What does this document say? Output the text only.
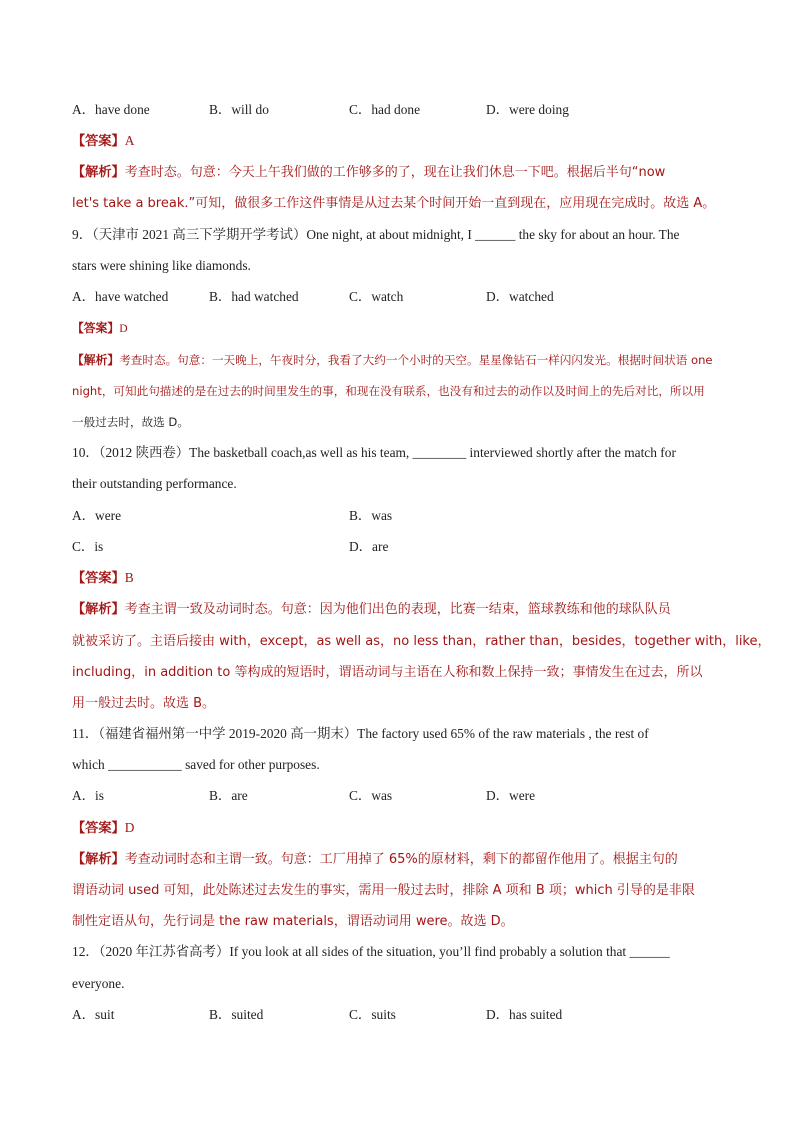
A．have done	B．will do	C．had done	D．were doing
【答案】A
【解析】考查时态。句意：今天上午我们做的工作够多的了，现在让我们休息一下吧。根据后半句“now
let's take a break.”可知，做很多工作这件事情是从过去某个时间开始一直到现在，应用现在完成时。故选 A。
9．（天津市 2021 高三下学期开学考试）One night, at about midnight, I ______ the sky for about an hour. The
stars were shining like diamonds.
A．have watched	B．had watched	C．watch	D．watched
【答案】D
【解析】考查时态。句意：一天晚上，午夜时分，我看了大约一个小时的天空。星星像钻石一样闪闪发光。根据时间状语 one
night，可知此句描述的是在过去的时间里发生的事，和现在没有联系，也没有和过去的动作以及时间上的先后对比，所以用
一般过去时，故选 D。
10．（2012 陕西卷）The basketball coach,as well as his team, ________ interviewed shortly after the match for
their outstanding performance.
A．were	B．was
C．is	D．are
【答案】B
【解析】考查主谓一致及动词时态。句意：因为他们出色的表现，比赛一结束，篮球教练和他的球队队员
就被采访了。主语后接由 with，except，as well as，no less than，rather than，besides，together with，like，
including，in addition to 等构成的短语时，谓语动词与主语在人称和数上保持一致；事情发生在过去，所以
用一般过去时。故选 B。
11．（福建省福州第一中学 2019-2020 高一期末）The factory used 65% of the raw materials , the rest of
which ___________ saved for other purposes.
A．is	B．are	C．was	D．were
【答案】D
【解析】考查动词时态和主谓一致。句意：工厂用掉了 65%的原材料，剩下的都留作他用了。根据主句的
谓语动词 used 可知，此处陈述过去发生的事实，需用一般过去时，排除 A 项和 B 项；which 引导的是非限
制性定语从句，先行词是 the raw materials，谓语动词用 were。故选 D。
12．（2020 年江苏省高考）If you look at all sides of the situation, you’ll find probably a solution that ______
everyone.
A．suit	B．suited	C．suits	D．has suited
